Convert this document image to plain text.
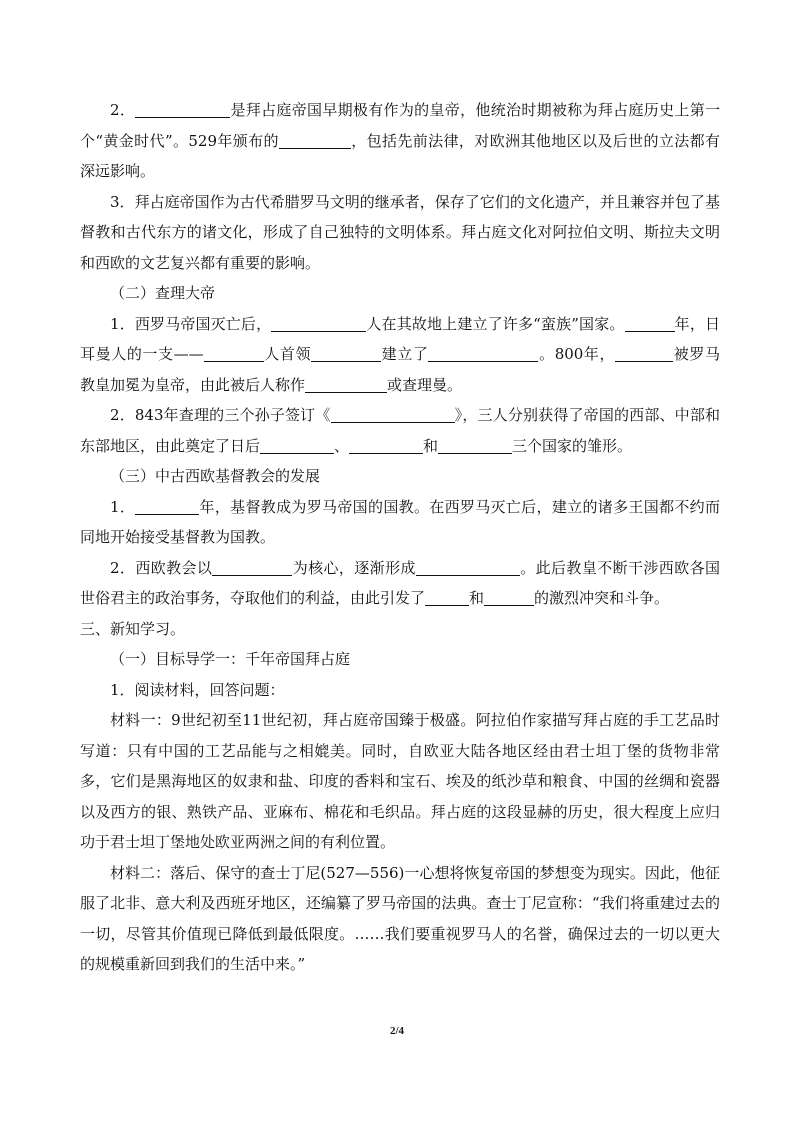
2．	是拜占庭帝国早期极有作为的皇帝，他统治时期被称为拜占庭历史上第一个“黄金时代”。529年颁布的	，包括先前法律，对欧洲其他地区以及后世的立法都有深远影响。

3．拜占庭帝国作为古代希腊罗马文明的继承者，保存了它们的文化遗产，并且兼容并包了基督教和古代东方的诸文化，形成了自己独特的文明体系。拜占庭文化对阿拉伯文明、斯拉夫文明和西欧的文艺复兴都有重要的影响。

（二）查理大帝

1．西罗马帝国灭亡后，	人在其故地上建立了许多“蛮族”国家。	年，日耳曼人的一支——	人首领	建立了	。800年，	被罗马教皇加冕为皇帝，由此被后人称作	或查理曼。

2．843年查理的三个孙子签订《	》，三人分别获得了帝国的西部、中部和东部地区，由此奠定了日后	、	和	三个国家的雏形。

（三）中古西欧基督教会的发展

1．	年，基督教成为罗马帝国的国教。在西罗马灭亡后，建立的诸多王国都不约而同地开始接受基督教为国教。

2．西欧教会以	为核心，逐渐形成	。此后教皇不断干涉西欧各国世俗君主的政治事务，夺取他们的利益，由此引发了	和	的激烈冲突和斗争。

三、新知学习。

（一）目标导学一：千年帝国拜占庭

1．阅读材料，回答问题：

材料一：9世纪初至11世纪初，拜占庭帝国臻于极盛。阿拉伯作家描写拜占庭的手工艺品时写道：只有中国的工艺品能与之相媲美。同时，自欧亚大陆各地区经由君士坦丁堡的货物非常多，它们是黑海地区的奴隶和盐、印度的香料和宝石、埃及的纸沙草和粮食、中国的丝绸和瓷器以及西方的银、熟铁产品、亚麻布、棉花和毛织品。拜占庭的这段显赫的历史，很大程度上应归功于君士坦丁堡地处欧亚两洲之间的有利位置。

材料二：落后、保守的查士丁尼(527—556)一心想将恢复帝国的梦想变为现实。因此，他征服了北非、意大利及西班牙地区，还编纂了罗马帝国的法典。查士丁尼宣称：“我们将重建过去的一切，尽管其价值现已降低到最低限度。……我们要重视罗马人的名誉，确保过去的一切以更大的规模重新回到我们的生活中来。”

2/4
